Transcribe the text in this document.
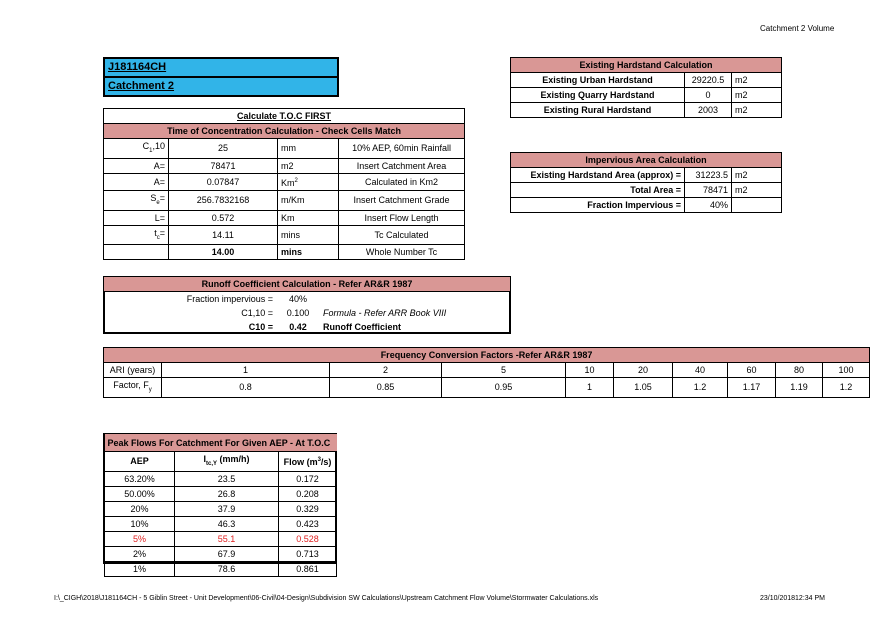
Catchment 2 Volume
J181164CH
Catchment 2
Calculate T.O.C FIRST			
Time of Concentration Calculation - Check Cells Match			
$C_1,10$	25	mm	10% AEP, 60min Rainfall
A=	78471	m2	Insert Catchment Area
A=	0.07847	Km$^2$	Calculated in Km2
$S_e=$	256.7832168	m/Km	Insert Catchment Grade
L=	0.572	Km	Insert Flow Length
$t_c=$	14.11	mins	Tc Calculated
	14.00	mins	Whole Number Tc
Existing Hardstand Calculation		
Existing Urban Hardstand	29220.5	m2
Existing Quarry Hardstand	0	m2
Existing Rural Hardstand	2003	m2
Impervious Area Calculation		
Existing Hardstand Area (approx) =	31223.5	m2
Total Area =	78471	m2
Fraction Impervious =	40%	
Runoff Coefficient Calculation - Refer AR&R 1987		
Fraction impervious =	40%	
C1,10 =	0.100	Formula - Refer ARR Book VIII
C10 =	0.42	Runoff Coefficient
Frequency Conversion Factors -Refer AR&R 1987										
ARI (years)	1	2	5	10	20	40	60	80	100	
Factor, $F_y$	0.8	0.85	0.95	1	1.05	1.2	1.17	1.19	1.2	
Peak Flows For Catchment For Given AEP - At T.O.C		
AEP	$I_{tc,Y}$ (mm/h)	Flow $(m^3/s)$
63.20%	23.5	0.172
50.00%	26.8	0.208
20%	37.9	0.329
10%	46.3	0.423
5%	55.1	0.528
2%	67.9	0.713
1%	78.6	0.861
I:\_CIGH\2018\J181164CH - 5 Giblin Street - Unit Development\06-Civil\04-Design\Subdivision SW Calculations\Upstream Catchment Flow Volume\Stormwater Calculations.xls	23/10/201812:34 PM
